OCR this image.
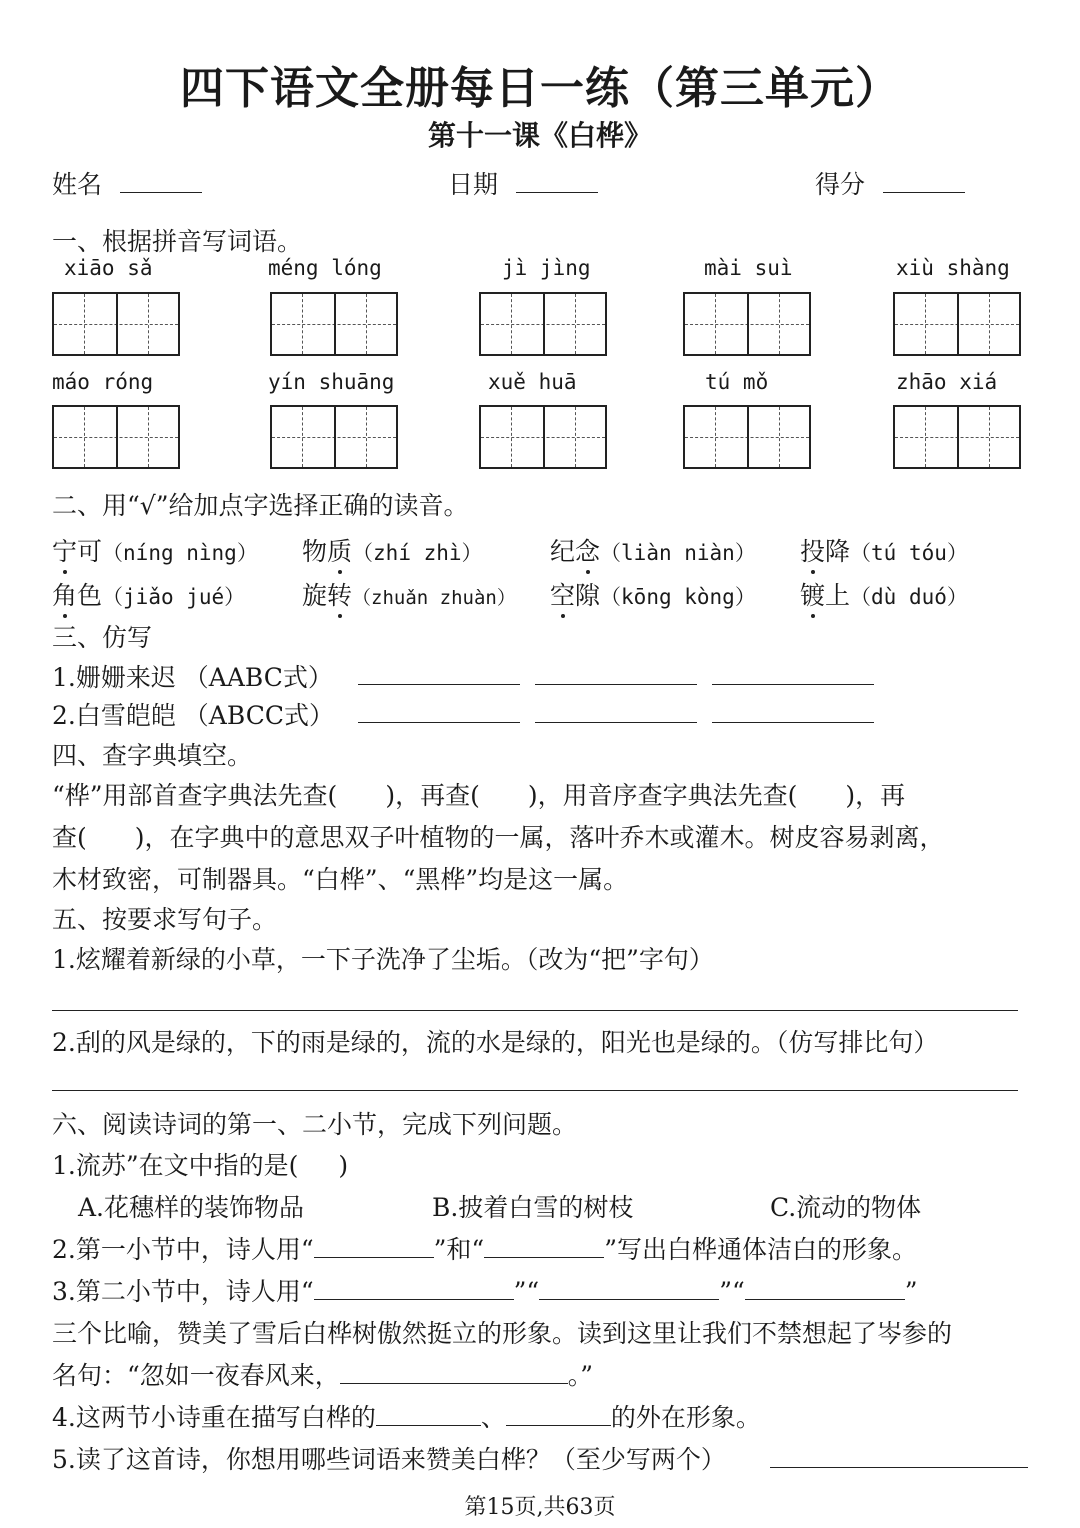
四下语文全册每日一练（第三单元）
第十一课《白桦》
姓名	日期	得分
一、根据拼音写词语。
xiāo sǎ	méng lóng	jì jìng	mài suì	xiù shàng
máo róng	yín shuāng	xuě huā	tú mǒ	zhāo xiá
二、用“√”给加点字选择正确的读音。
宁可（níng nìng） 物质（zhí zhì）	纪念（liàn niàn） 投降（tú tóu）
角色（jiǎo jué） 旋转（zhuǎn zhuàn） 空隙（kōng kòng） 镀上（dù duó）
三、仿写
1.姗姗来迟 （AABC式）
2.白雪皑皑 （ABCC式）
四、查字典填空。
“桦”用部首查字典法先查( )，再查( )，用音序查字典法先查( )，再
查( )，在字典中的意思双子叶植物的一属，落叶乔木或灌木。树皮容易剥离，
木材致密，可制器具。“白桦”、“黑桦”均是这一属。
五、按要求写句子。
1.炫耀着新绿的小草，一下子洗净了尘垢。（改为“把”字句）
2.刮的风是绿的，下的雨是绿的，流的水是绿的，阳光也是绿的。（仿写排比句）
六、阅读诗词的第一、二小节，完成下列问题。
1.流苏”在文中指的是( )
A.花穗样的装饰物品	B.披着白雪的树枝	C.流动的物体
2.第一小节中，诗人用“	”和“	”写出白桦通体洁白的形象。
3.第二小节中，诗人用“	”“	”“	”
三个比喻，赞美了雪后白桦树傲然挺立的形象。读到这里让我们不禁想起了岑参的
名句：“忽如一夜春风来，	。”
4.这两节小诗重在描写白桦的	、	的外在形象。
5.读了这首诗，你想用哪些词语来赞美白桦？（至少写两个）
第15页,共63页
